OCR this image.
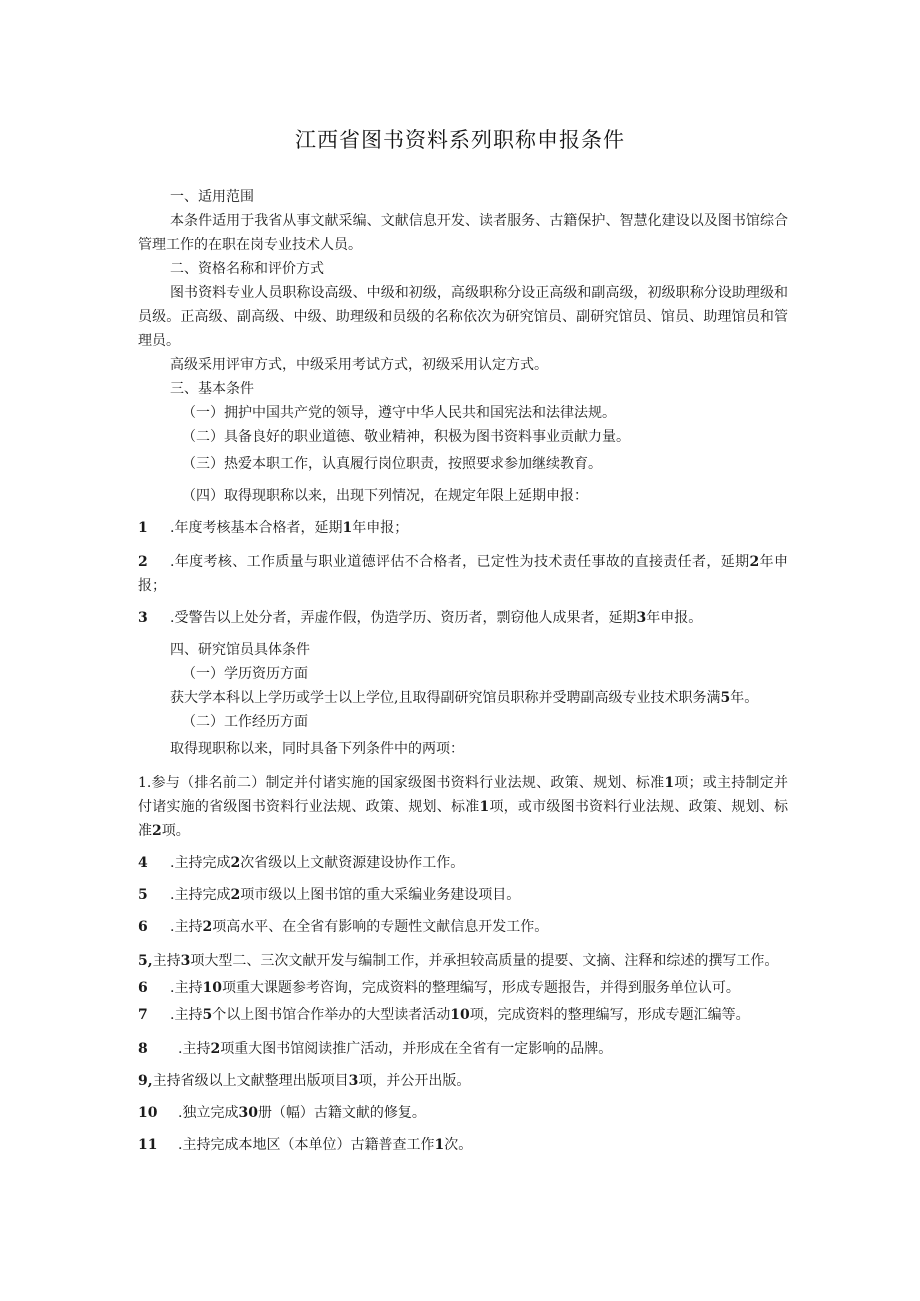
江西省图书资料系列职称申报条件

一、适用范围

本条件适用于我省从事文献采编、文献信息开发、读者服务、古籍保护、智慧化建设以及图书馆综合管理工作的在职在岗专业技术人员。

二、资格名称和评价方式

图书资料专业人员职称设高级、中级和初级，高级职称分设正高级和副高级，初级职称分设助理级和员级。正高级、副高级、中级、助理级和员级的名称依次为研究馆员、副研究馆员、馆员、助理馆员和管理员。

高级采用评审方式，中级采用考试方式，初级采用认定方式。

三、基本条件

（一）拥护中国共产党的领导，遵守中华人民共和国宪法和法律法规。

（二）具备良好的职业道德、敬业精神，积极为图书资料事业贡献力量。

（三）热爱本职工作，认真履行岗位职责，按照要求参加继续教育。

（四）取得现职称以来，出现下列情况，在规定年限上延期申报：

1 .年度考核基本合格者，延期1年申报；

2 .年度考核、工作质量与职业道德评估不合格者，已定性为技术责任事故的直接责任者，延期2年申报；

3 .受警告以上处分者，弄虚作假，伪造学历、资历者，剽窃他人成果者，延期3年申报。

四、研究馆员具体条件

（一）学历资历方面

获大学本科以上学历或学士以上学位,且取得副研究馆员职称并受聘副高级专业技术职务满5年。

（二）工作经历方面

取得现职称以来，同时具备下列条件中的两项：

1.参与（排名前二）制定并付诸实施的国家级图书资料行业法规、政策、规划、标准1项；或主持制定并付诸实施的省级图书资料行业法规、政策、规划、标准1项，或市级图书资料行业法规、政策、规划、标准2项。

4 .主持完成2次省级以上文献资源建设协作工作。

5 .主持完成2项市级以上图书馆的重大采编业务建设项目。

6 .主持2项高水平、在全省有影响的专题性文献信息开发工作。

5,主持3项大型二、三次文献开发与编制工作，并承担较高质量的提要、文摘、注释和综述的撰写工作。

6 .主持10项重大课题参考咨询，完成资料的整理编写，形成专题报告，并得到服务单位认可。

7 .主持5个以上图书馆合作举办的大型读者活动10项，完成资料的整理编写，形成专题汇编等。

8 .主持2项重大图书馆阅读推广活动，并形成在全省有一定影响的品牌。

9,主持省级以上文献整理出版项目3项，并公开出版。

10 .独立完成30册（幅）古籍文献的修复。

11 .主持完成本地区（本单位）古籍普查工作1次。
